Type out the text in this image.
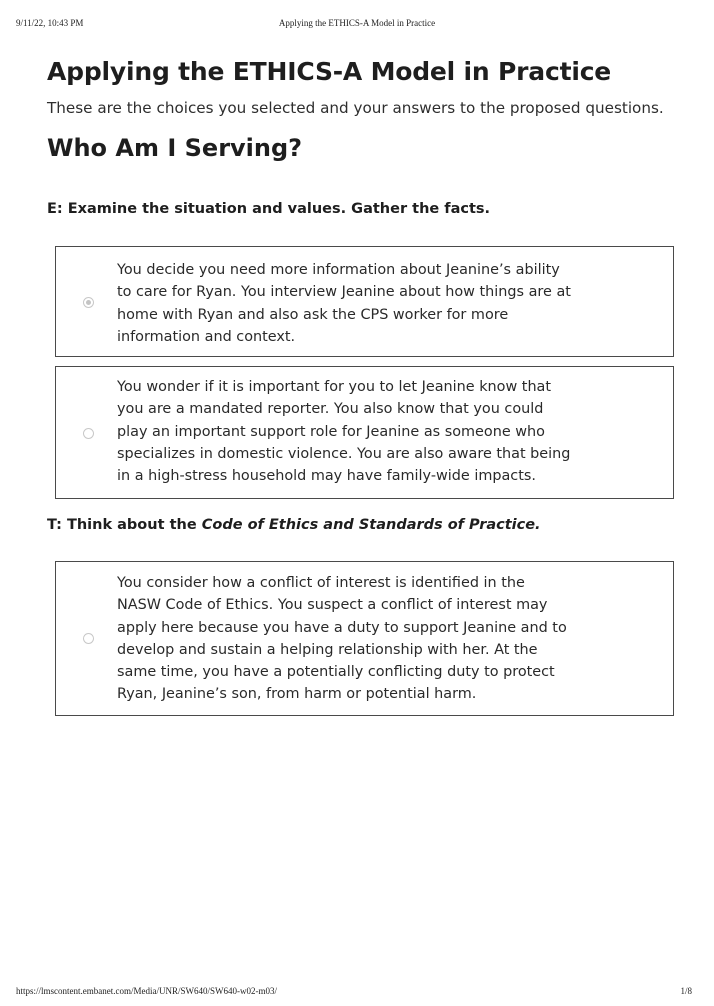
9/11/22, 10:43 PM	Applying the ETHICS-A Model in Practice
Applying the ETHICS-A Model in Practice

These are the choices you selected and your answers to the proposed questions.

Who Am I Serving?
E: Examine the situation and values. Gather the facts.
You decide you need more information about Jeanine’s ability
to care for Ryan. You interview Jeanine about how things are at
home with Ryan and also ask the CPS worker for more
information and context.
You wonder if it is important for you to let Jeanine know that
you are a mandated reporter. You also know that you could
play an important support role for Jeanine as someone who
specializes in domestic violence. You are also aware that being
in a high-stress household may have family-wide impacts.
T: Think about the Code of Ethics and Standards of Practice.
You consider how a conflict of interest is identified in the
NASW Code of Ethics. You suspect a conflict of interest may
apply here because you have a duty to support Jeanine and to
develop and sustain a helping relationship with her. At the
same time, you have a potentially conflicting duty to protect
Ryan, Jeanine’s son, from harm or potential harm.
https://lmscontent.embanet.com/Media/UNR/SW640/SW640-w02-m03/	1/8
